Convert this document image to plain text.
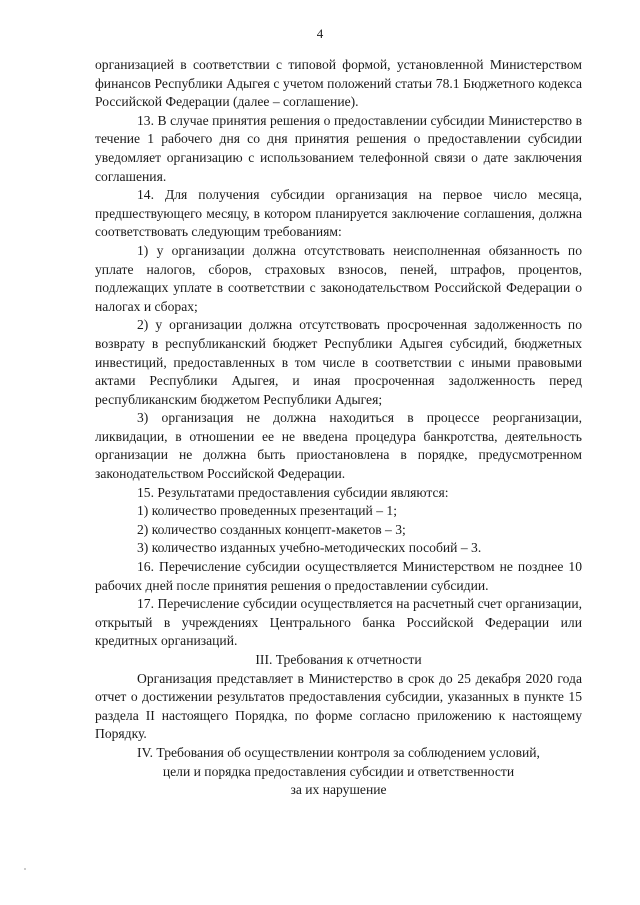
4

организацией в соответствии с типовой формой, установленной Министерством финансов Республики Адыгея с учетом положений статьи 78.1 Бюджетного кодекса Российской Федерации (далее – соглашение).

13. В случае принятия решения о предоставлении субсидии Министерство в течение 1 рабочего дня со дня принятия решения о предоставлении субсидии уведомляет организацию с использованием телефонной связи о дате заключения соглашения.

14. Для получения субсидии организация на первое число месяца, предшествующего месяцу, в котором планируется заключение соглашения, должна соответствовать следующим требованиям:

1) у организации должна отсутствовать неисполненная обязанность по уплате налогов, сборов, страховых взносов, пеней, штрафов, процентов, подлежащих уплате в соответствии с законодательством Российской Федерации о налогах и сборах;

2) у организации должна отсутствовать просроченная задолженность по возврату в республиканский бюджет Республики Адыгея субсидий, бюджетных инвестиций, предоставленных в том числе в соответствии с иными правовыми актами Республики Адыгея, и иная просроченная задолженность перед республиканским бюджетом Республики Адыгея;

3) организация не должна находиться в процессе реорганизации, ликвидации, в отношении ее не введена процедура банкротства, деятельность организации не должна быть приостановлена в порядке, предусмотренном законодательством Российской Федерации.

15. Результатами предоставления субсидии являются:

1) количество проведенных презентаций – 1;

2) количество созданных концепт-макетов – 3;

3) количество изданных учебно-методических пособий – 3.

16. Перечисление субсидии осуществляется Министерством не позднее 10 рабочих дней после принятия решения о предоставлении субсидии.

17. Перечисление субсидии осуществляется на расчетный счет организации, открытый в учреждениях Центрального банка Российской Федерации или кредитных организаций.

III. Требования к отчетности

Организация представляет в Министерство в срок до 25 декабря 2020 года отчет о достижении результатов предоставления субсидии, указанных в пункте 15 раздела II настоящего Порядка, по форме согласно приложению к настоящему Порядку.

IV. Требования об осуществлении контроля за соблюдением условий,
цели и порядка предоставления субсидии и ответственности
за их нарушение
